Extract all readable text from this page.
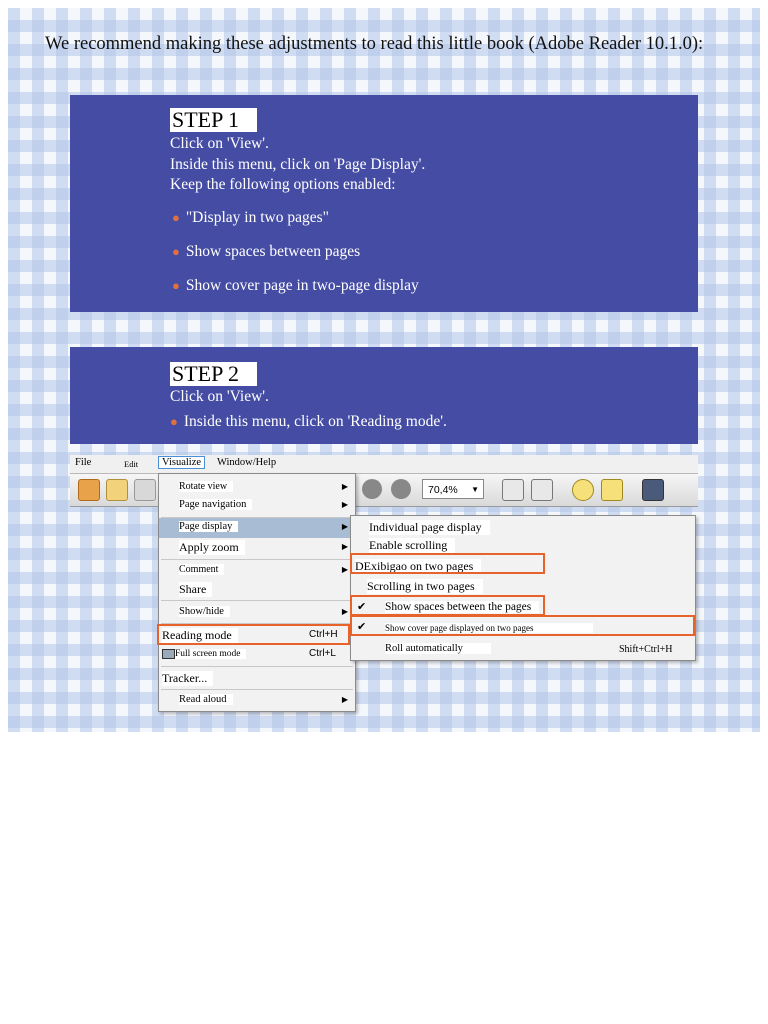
We recommend making these adjustments to read this little book (Adobe Reader 10.1.0):
STEP 1
Click on 'View'.
Inside this menu, click on 'Page Display'.
Keep the following options enabled:
● "Display in two pages"
● Show spaces between pages
● Show cover page in two-page display
STEP 2
Click on 'View'.
● Inside this menu, click on 'Reading mode'.
File	Edit	Visualize	Window/Help
70,4% ▼
Rotate view	▶
Page navigation	▶
Page display	▶
Apply zoom	▶
Comment	▶
Share
Show/hide	▶
Reading mode	Ctrl+H
Full screen mode	Ctrl+L
Tracker...
Read aloud	▶
Individual page display
Enable scrolling
DExibigao on two pages
Scrolling in two pages
✔ Show spaces between the pages
✔ Show cover page displayed on two pages
Roll automatically	Shift+Ctrl+H
